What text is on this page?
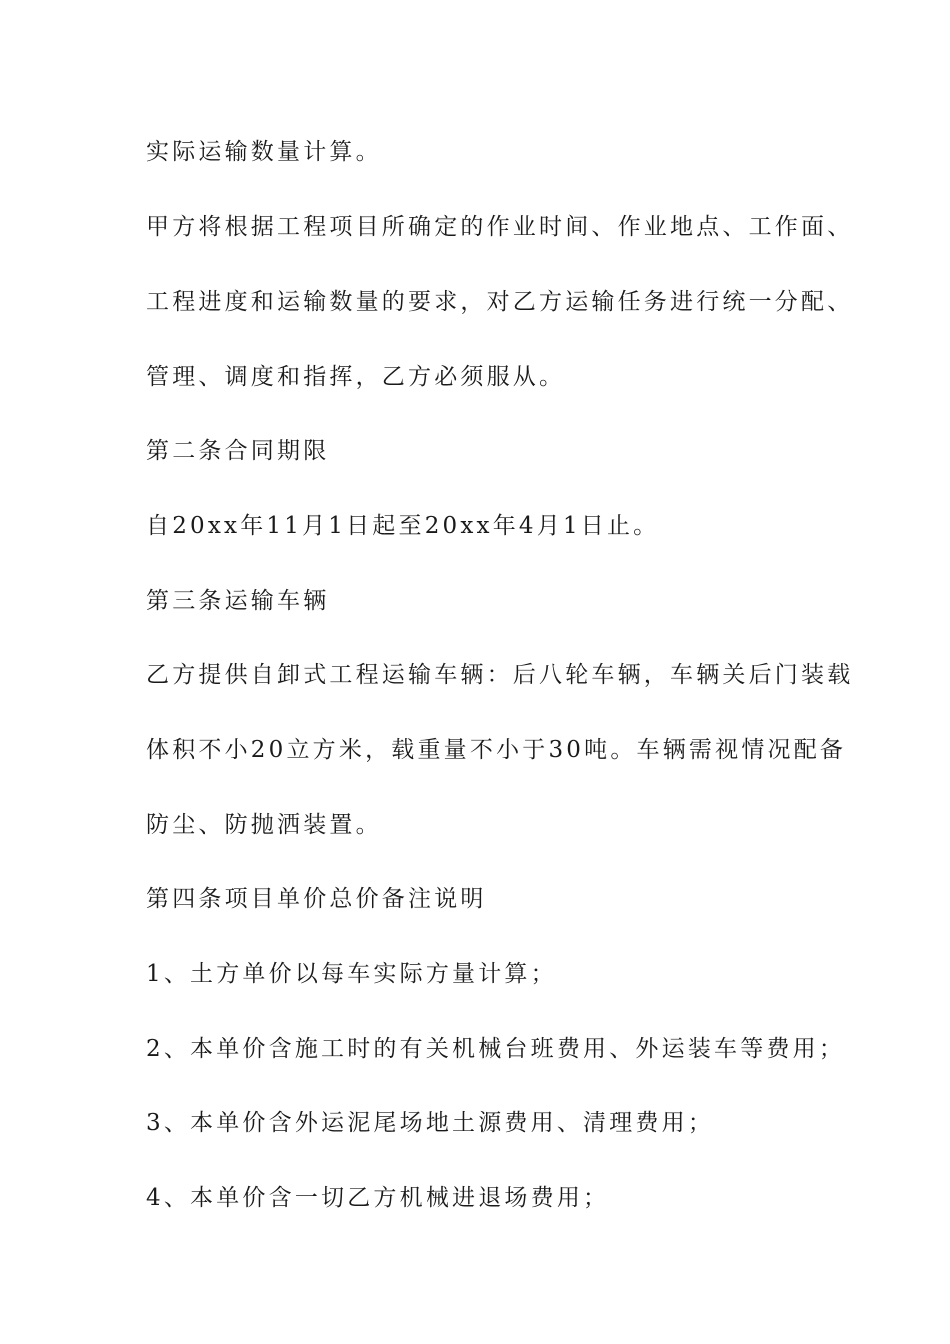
实际运输数量计算。
甲方将根据工程项目所确定的作业时间、作业地点、工作面、
工程进度和运输数量的要求，对乙方运输任务进行统一分配、
管理、调度和指挥，乙方必须服从。
第二条合同期限
自20xx年11月1日起至20xx年4月1日止。
第三条运输车辆
乙方提供自卸式工程运输车辆：后八轮车辆，车辆关后门装载
体积不小20立方米，载重量不小于30吨。车辆需视情况配备
防尘、防抛洒装置。
第四条项目单价总价备注说明
1、土方单价以每车实际方量计算；
2、本单价含施工时的有关机械台班费用、外运装车等费用；
3、本单价含外运泥尾场地土源费用、清理费用；
4、本单价含一切乙方机械进退场费用；
